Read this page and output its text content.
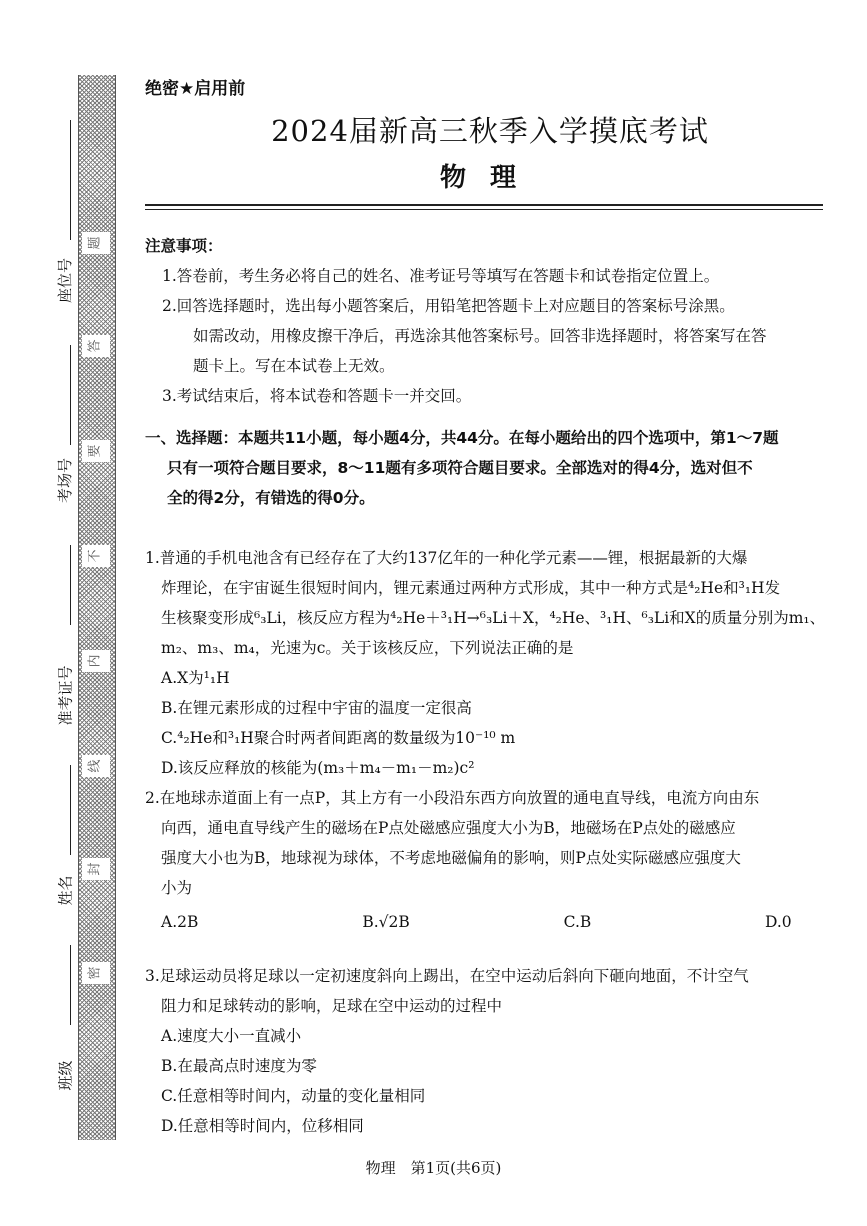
题
答
要
不
内
线
封
密
座位号
考场号
准考证号
姓名
班级
绝密★启用前
2024届新高三秋季入学摸底考试
物理
注意事项：
1.答卷前，考生务必将自己的姓名、准考证号等填写在答题卡和试卷指定位置上。
2.回答选择题时，选出每小题答案后，用铅笔把答题卡上对应题目的答案标号涂黑。
如需改动，用橡皮擦干净后，再选涂其他答案标号。回答非选择题时，将答案写在答
题卡上。写在本试卷上无效。
3.考试结束后，将本试卷和答题卡一并交回。
一、选择题：本题共11小题，每小题4分，共44分。在每小题给出的四个选项中，第1～7题
只有一项符合题目要求，8～11题有多项符合题目要求。全部选对的得4分，选对但不
全的得2分，有错选的得0分。
1.普通的手机电池含有已经存在了大约137亿年的一种化学元素——锂，根据最新的大爆
炸理论，在宇宙诞生很短时间内，锂元素通过两种方式形成，其中一种方式是⁴₂He和³₁H发
生核聚变形成⁶₃Li，核反应方程为⁴₂He＋³₁H→⁶₃Li＋X，⁴₂He、³₁H、⁶₃Li和X的质量分别为m₁、
m₂、m₃、m₄，光速为c。关于该核反应，下列说法正确的是
A.X为¹₁H
B.在锂元素形成的过程中宇宙的温度一定很高
C.⁴₂He和³₁H聚合时两者间距离的数量级为10⁻¹⁰ m
D.该反应释放的核能为(m₃＋m₄－m₁－m₂)c²
2.在地球赤道面上有一点P，其上方有一小段沿东西方向放置的通电直导线，电流方向由东
向西，通电直导线产生的磁场在P点处磁感应强度大小为B，地磁场在P点处的磁感应
强度大小也为B，地球视为球体，不考虑地磁偏角的影响，则P点处实际磁感应强度大
小为
A.2B	B.√2B	C.B	D.0
3.足球运动员将足球以一定初速度斜向上踢出，在空中运动后斜向下砸向地面，不计空气
阻力和足球转动的影响，足球在空中运动的过程中
A.速度大小一直减小
B.在最高点时速度为零
C.任意相等时间内，动量的变化量相同
D.任意相等时间内，位移相同
物理　第1页(共6页)
